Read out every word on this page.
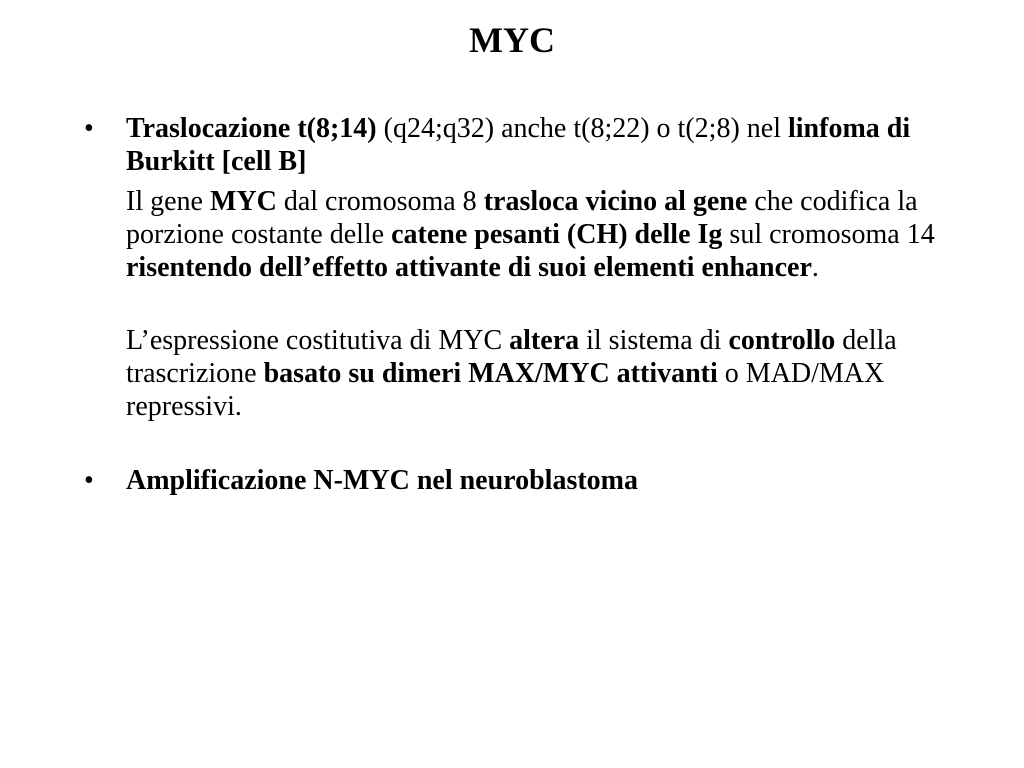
MYC
•	Traslocazione t(8;14) (q24;q32) anche t(8;22) o t(2;8) nel linfoma di Burkitt [cell B]

Il gene MYC dal cromosoma 8 trasloca vicino al gene che codifica la porzione costante delle catene pesanti (CH) delle Ig sul cromosoma 14 risentendo dell’effetto attivante di suoi elementi enhancer.

L’espressione costitutiva di MYC altera il sistema di controllo della trascrizione basato su dimeri MAX/MYC attivanti o MAD/MAX repressivi.

•	Amplificazione N-MYC nel neuroblastoma
